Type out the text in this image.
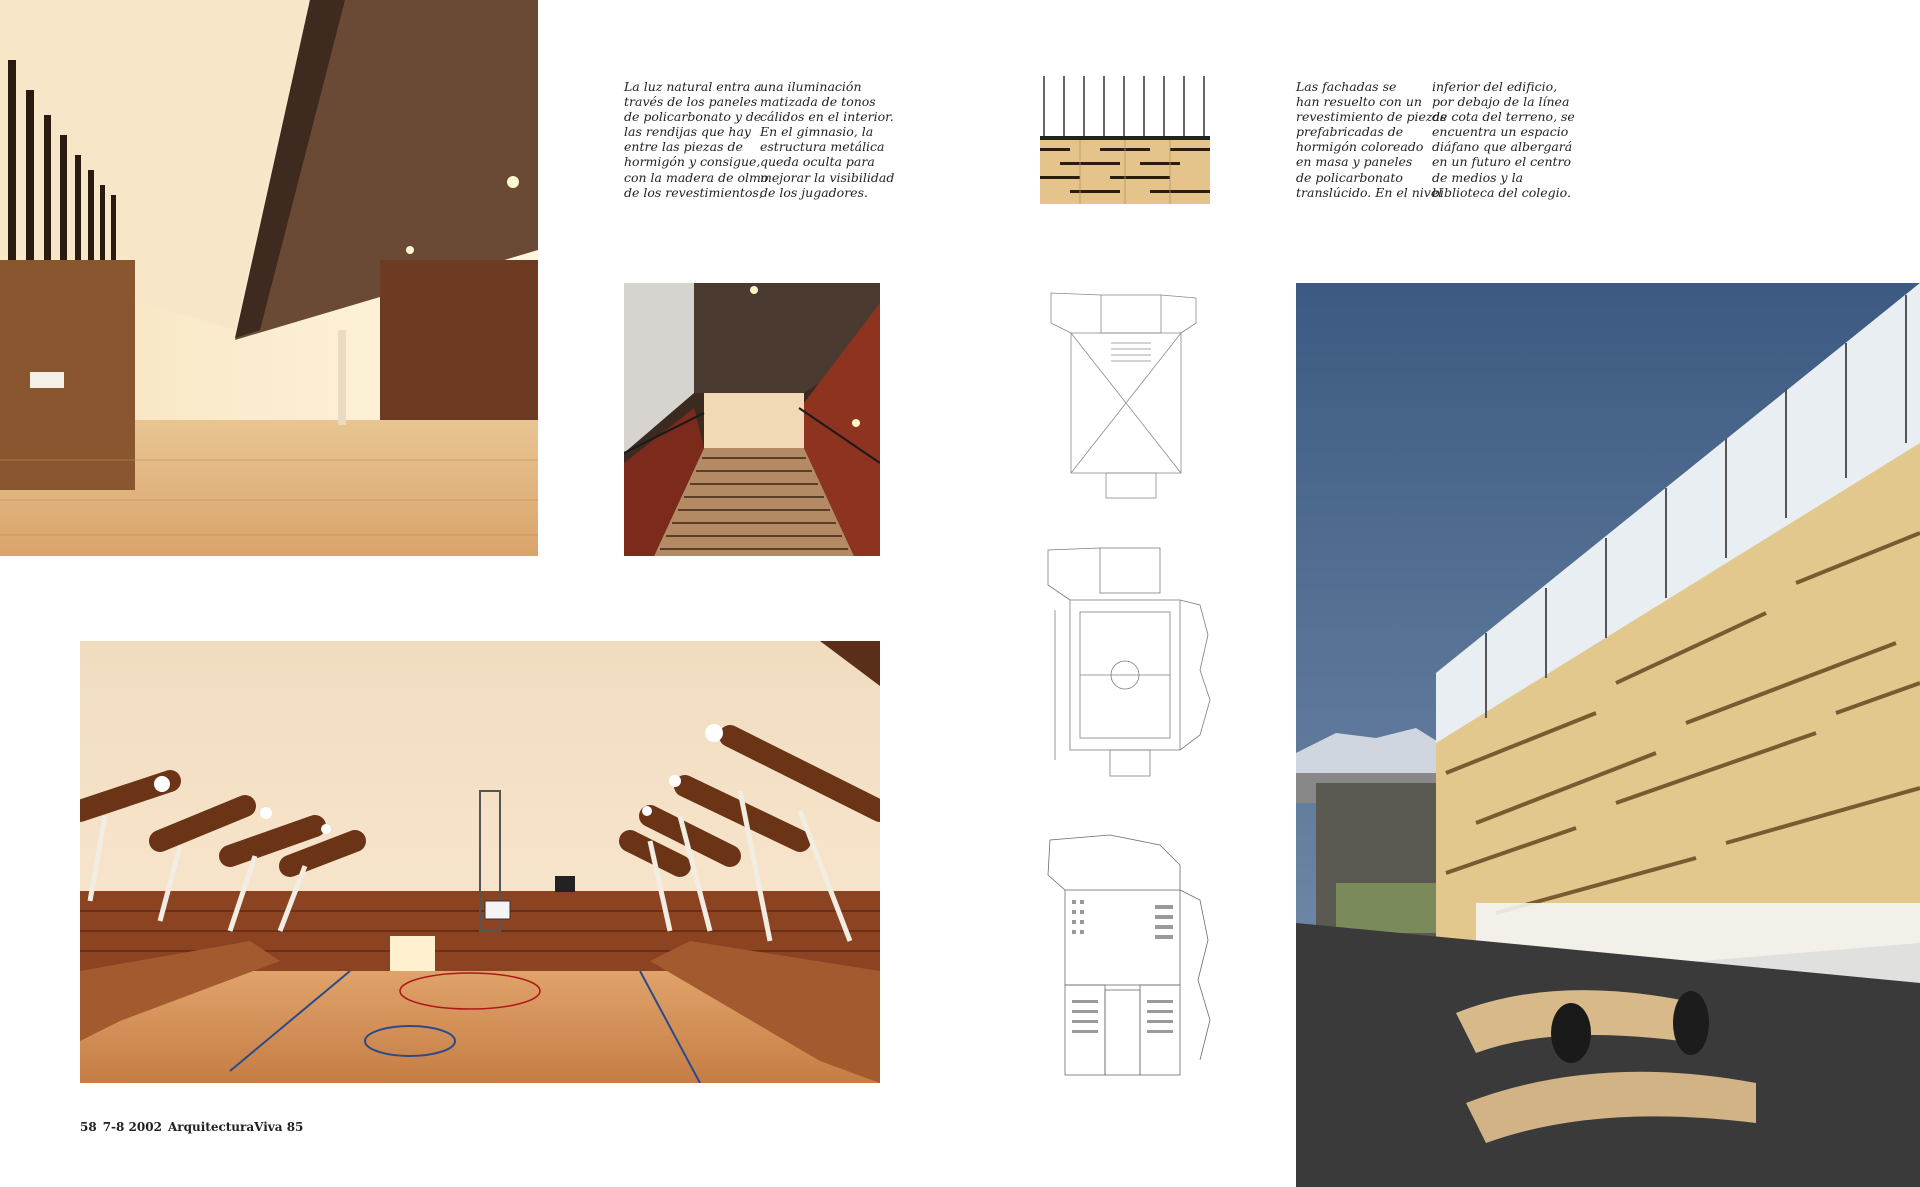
La luz natural entra a
través de los paneles
de policarbonato y de
las rendijas que hay
entre las piezas de
hormigón y consigue,
con la madera de olmo
de los revestimientos,
una iluminación
matizada de tonos
cálidos en el interior.
En el gimnasio, la
estructura metálica
queda oculta para
mejorar la visibilidad
de los jugadores.
Las fachadas se
han resuelto con un
revestimiento de piezas
prefabricadas de
hormigón coloreado
en masa y paneles
de policarbonato
translúcido. En el nivel
inferior del edificio,
por debajo de la línea
de cota del terreno, se
encuentra un espacio
diáfano que albergará
en un futuro el centro
de medios y la
biblioteca del colegio.
58 7-8 2002 ArquitecturaViva 85
